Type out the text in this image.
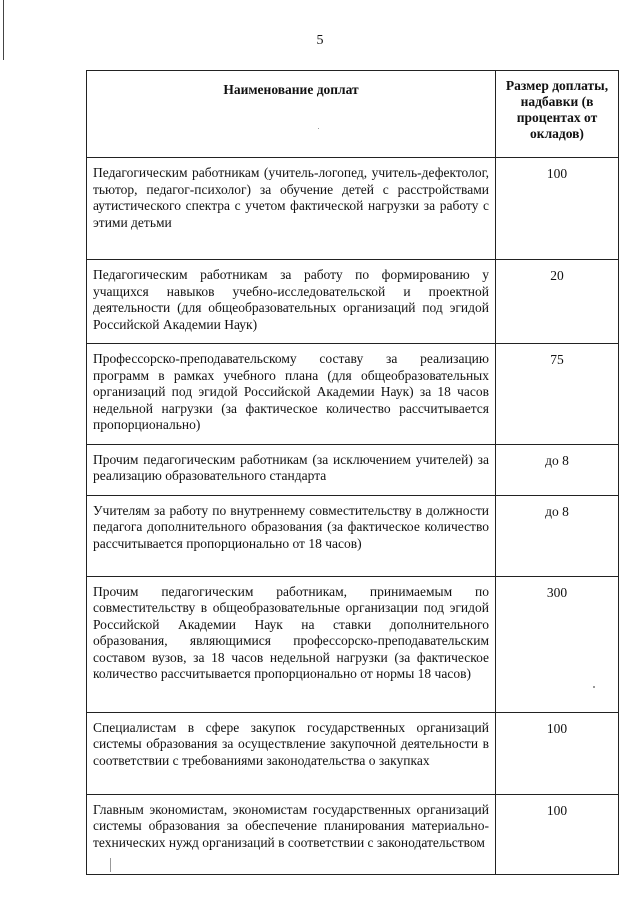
5
Наименование доплат	Размер доплаты, надбавки (в процентах от окладов)
Педагогическим работникам (учитель-логопед, учитель-дефектолог, тьютор, педагог-психолог) за обучение детей с расстройствами аутистического спектра с учетом фактической нагрузки за работу с этими детьми	100
Педагогическим работникам за работу по формированию у учащихся навыков учебно-исследовательской и проектной деятельности (для общеобразовательных организаций под эгидой Российской Академии Наук)	20
Профессорско-преподавательскому составу за реализацию программ в рамках учебного плана (для общеобразовательных организаций под эгидой Российской Академии Наук) за 18 часов недельной нагрузки (за фактическое количество рассчитывается пропорционально)	75
Прочим педагогическим работникам (за исключением учителей) за реализацию образовательного стандарта	до 8
Учителям за работу по внутреннему совместительству в должности педагога дополнительного образования (за фактическое количество рассчитывается пропорционально от 18 часов)	до 8
Прочим педагогическим работникам, принимаемым по совместительству в общеобразовательные организации под эгидой Российской Академии Наук на ставки дополнительного образования, являющимися профессорско-преподавательским составом вузов, за 18 часов недельной нагрузки (за фактическое количество рассчитывается пропорционально от нормы 18 часов)	300
Специалистам в сфере закупок государственных организаций системы образования за осуществление закупочной деятельности в соответствии с требованиями законодательства о закупках	100
Главным экономистам, экономистам государственных организаций системы образования за обеспечение планирования материально-технических нужд организаций в соответствии с законодательством	100
